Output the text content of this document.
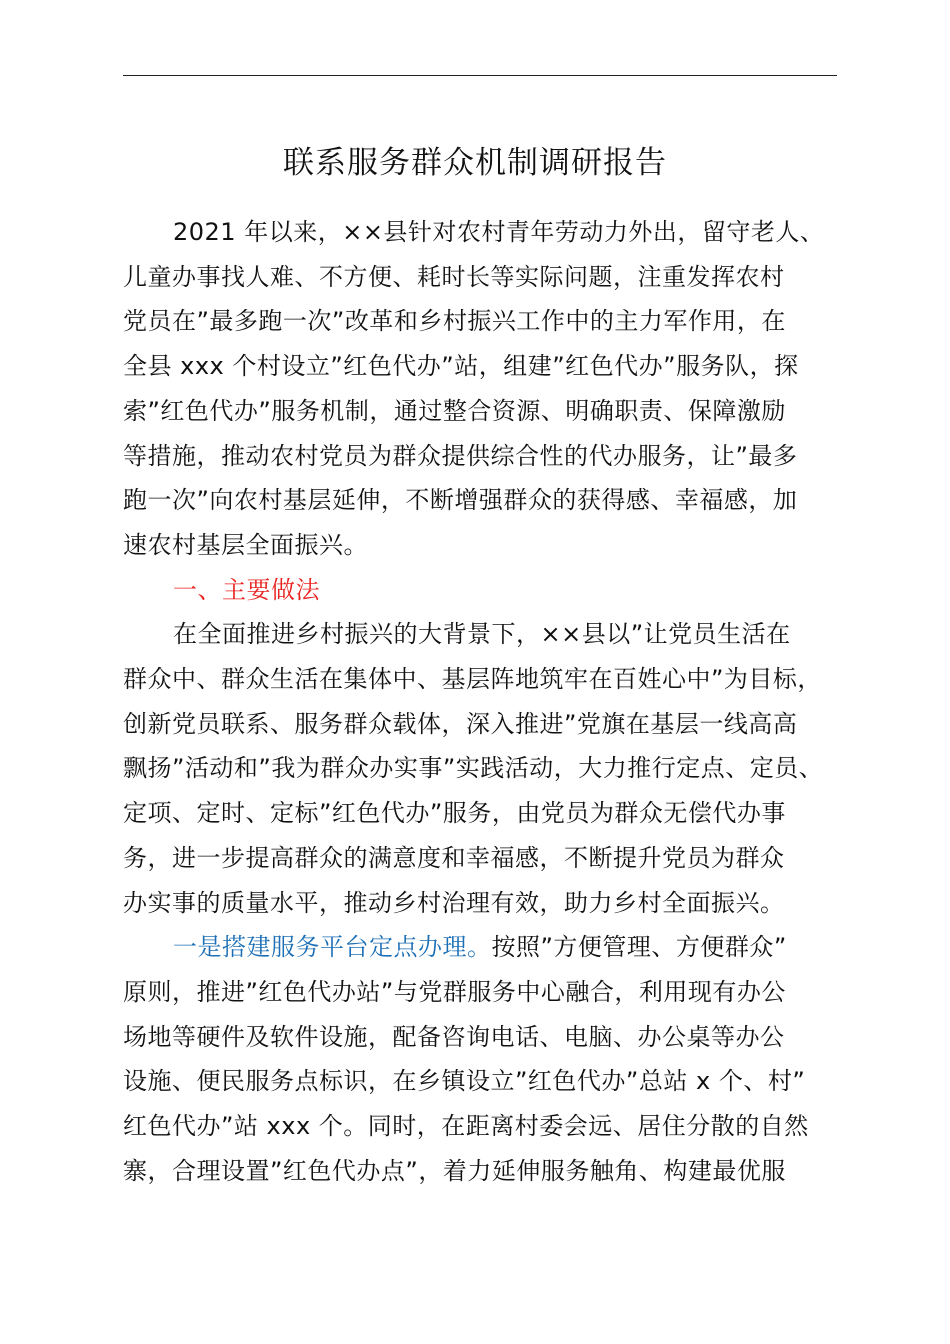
联系服务群众机制调研报告

2021 年以来，××县针对农村青年劳动力外出，留守老人、
儿童办事找人难、不方便、耗时长等实际问题，注重发挥农村
党员在”最多跑一次”改革和乡村振兴工作中的主力军作用，在
全县 xxx 个村设立”红色代办”站，组建”红色代办”服务队，探
索”红色代办”服务机制，通过整合资源、明确职责、保障激励
等措施，推动农村党员为群众提供综合性的代办服务，让”最多
跑一次”向农村基层延伸，不断增强群众的获得感、幸福感，加
速农村基层全面振兴。

一、主要做法

在全面推进乡村振兴的大背景下，××县以”让党员生活在
群众中、群众生活在集体中、基层阵地筑牢在百姓心中”为目标，
创新党员联系、服务群众载体，深入推进”党旗在基层一线高高
飘扬”活动和”我为群众办实事”实践活动，大力推行定点、定员、
定项、定时、定标”红色代办”服务，由党员为群众无偿代办事
务，进一步提高群众的满意度和幸福感，不断提升党员为群众
办实事的质量水平，推动乡村治理有效，助力乡村全面振兴。

一是搭建服务平台定点办理。按照”方便管理、方便群众”
原则，推进”红色代办站”与党群服务中心融合，利用现有办公
场地等硬件及软件设施，配备咨询电话、电脑、办公桌等办公
设施、便民服务点标识，在乡镇设立”红色代办”总站 x 个、村”
红色代办”站 xxx 个。同时，在距离村委会远、居住分散的自然
寨，合理设置”红色代办点”，着力延伸服务触角、构建最优服
